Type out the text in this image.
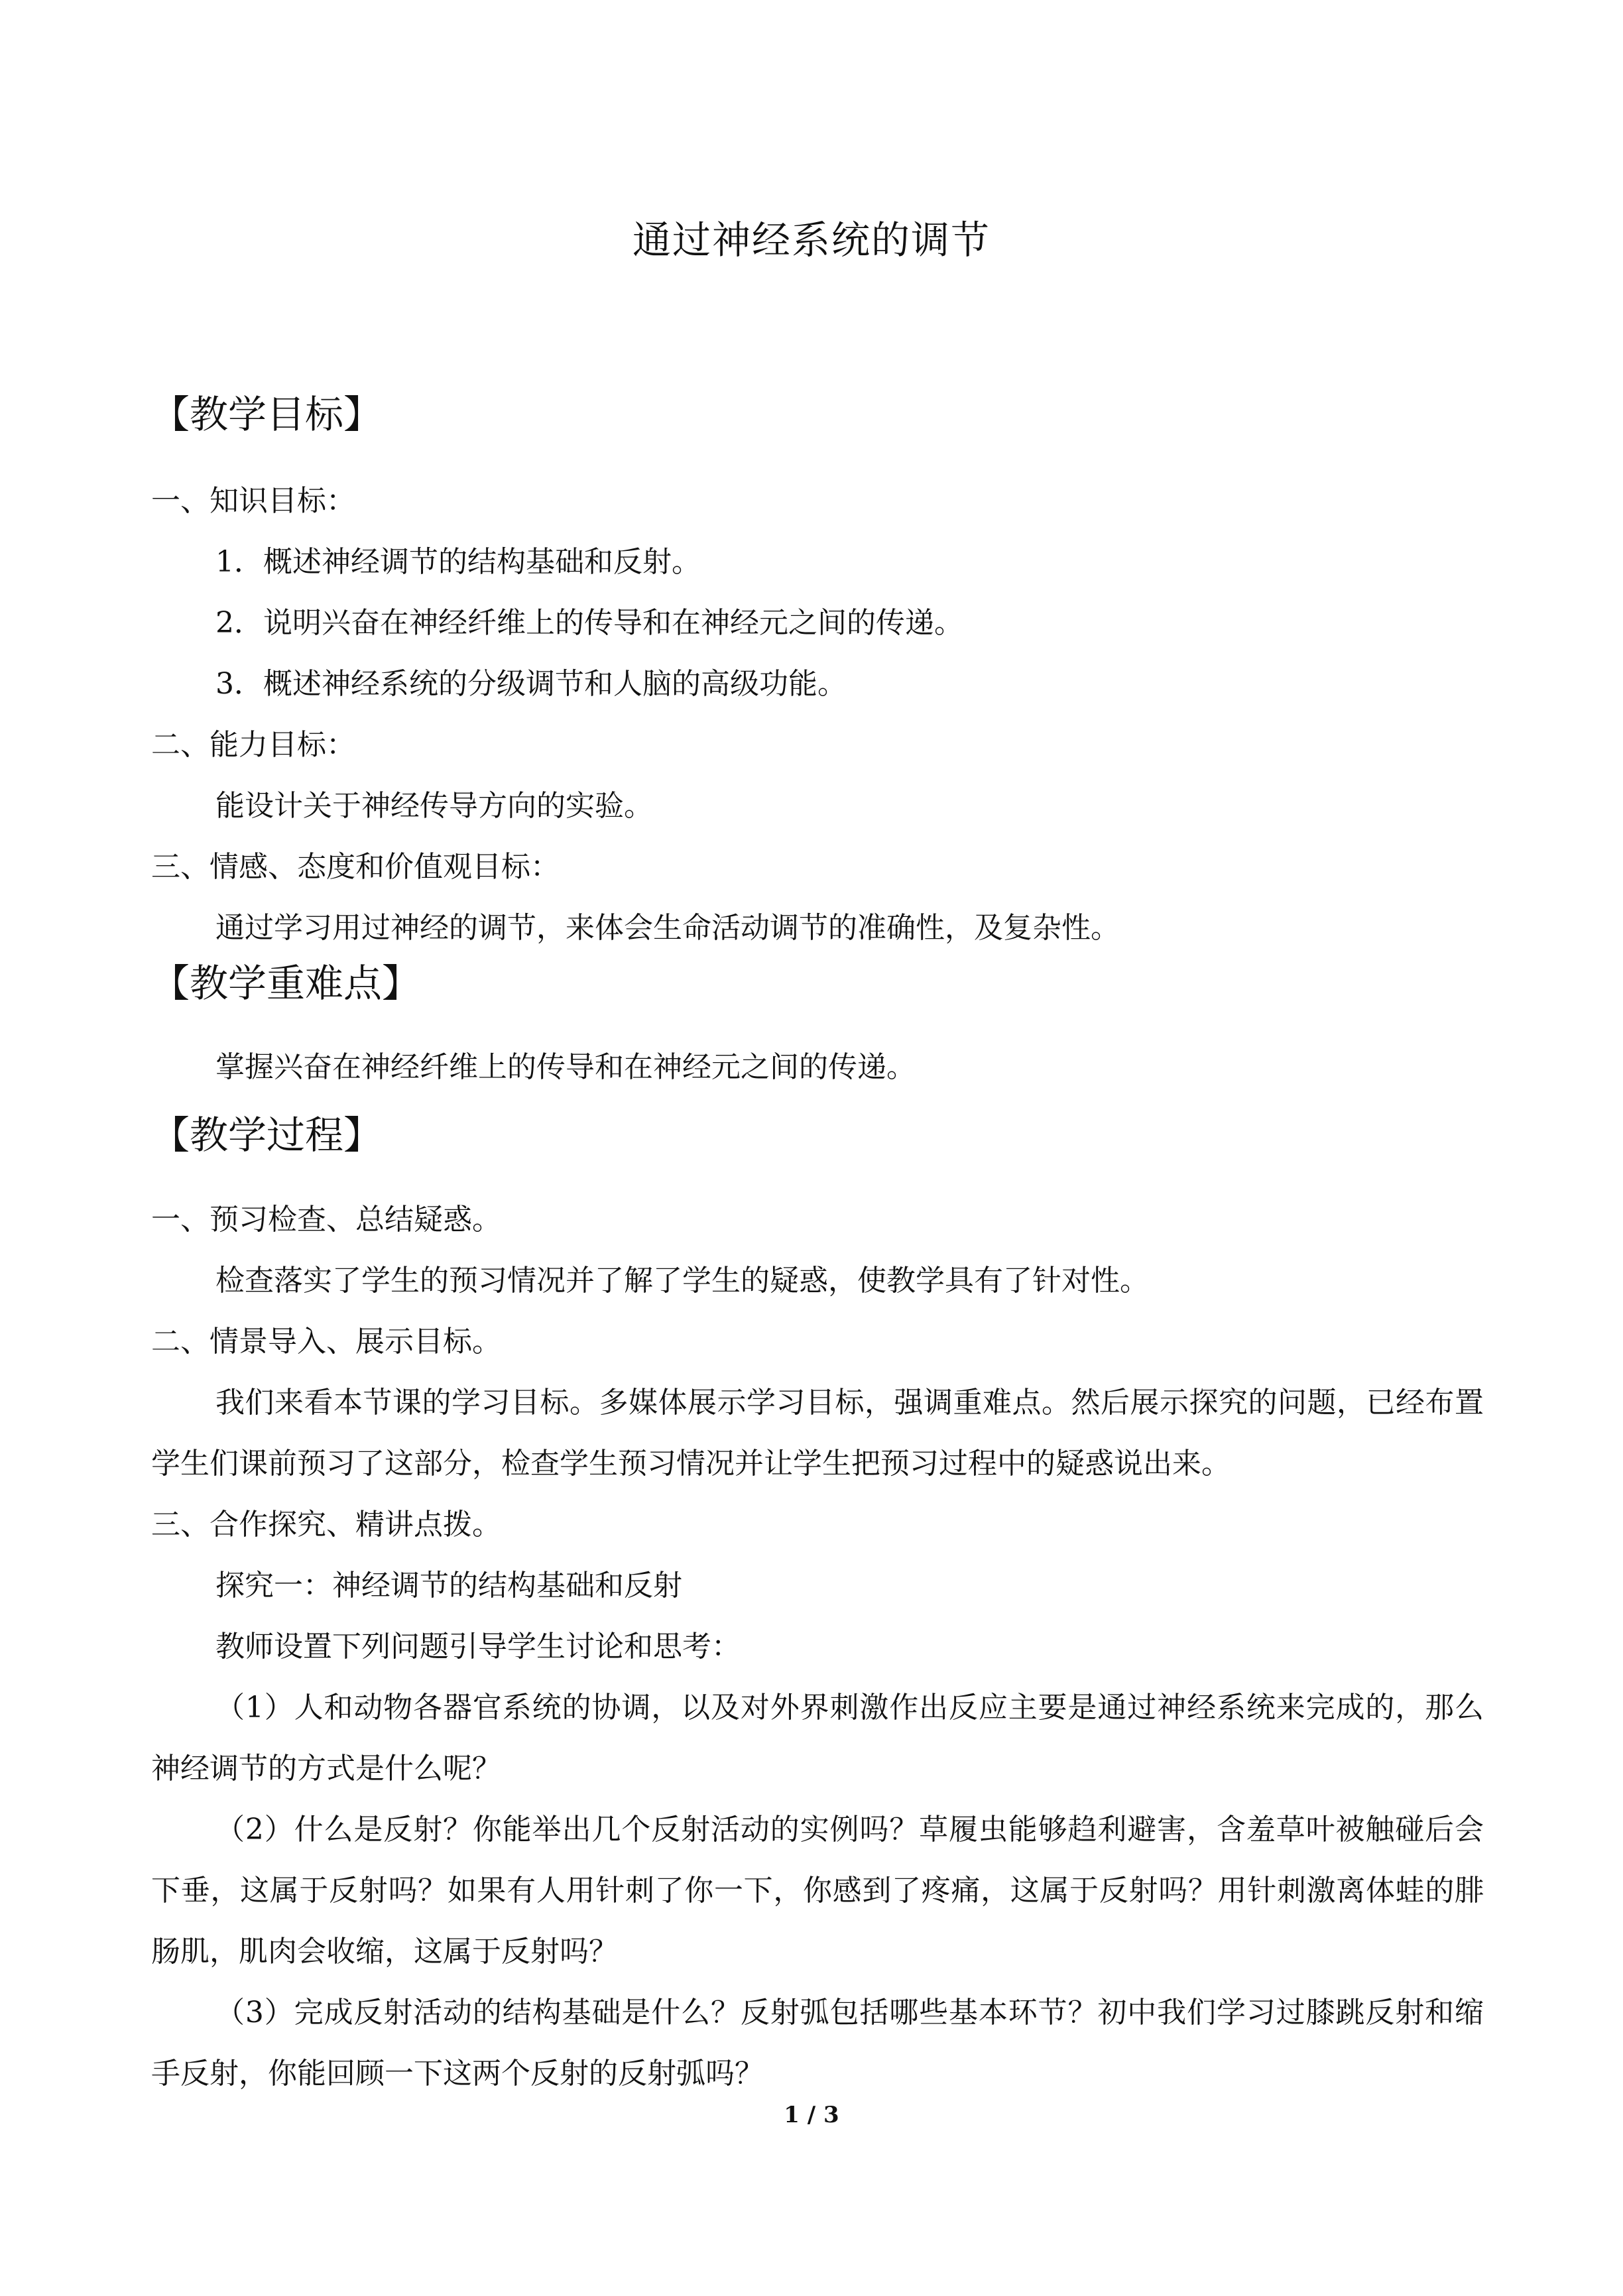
通过神经系统的调节
【教学目标】
一、知识目标：
1．概述神经调节的结构基础和反射。
2．说明兴奋在神经纤维上的传导和在神经元之间的传递。
3．概述神经系统的分级调节和人脑的高级功能。
二、能力目标：
能设计关于神经传导方向的实验。
三、情感、态度和价值观目标：
通过学习用过神经的调节，来体会生命活动调节的准确性，及复杂性。
【教学重难点】
掌握兴奋在神经纤维上的传导和在神经元之间的传递。
【教学过程】
一、预习检查、总结疑惑。
检查落实了学生的预习情况并了解了学生的疑惑，使教学具有了针对性。
二、情景导入、展示目标。
我们来看本节课的学习目标。多媒体展示学习目标，强调重难点。然后展示探究的问题，已经布置学生们课前预习了这部分，检查学生预习情况并让学生把预习过程中的疑惑说出来。
三、合作探究、精讲点拨。
探究一：神经调节的结构基础和反射
教师设置下列问题引导学生讨论和思考：
（1）人和动物各器官系统的协调，以及对外界刺激作出反应主要是通过神经系统来完成的，那么神经调节的方式是什么呢？
（2）什么是反射？你能举出几个反射活动的实例吗？草履虫能够趋利避害，含羞草叶被触碰后会下垂，这属于反射吗？如果有人用针刺了你一下，你感到了疼痛，这属于反射吗？用针刺激离体蛙的腓肠肌，肌肉会收缩，这属于反射吗？
（3）完成反射活动的结构基础是什么？反射弧包括哪些基本环节？初中我们学习过膝跳反射和缩手反射，你能回顾一下这两个反射的反射弧吗？
1 / 3
